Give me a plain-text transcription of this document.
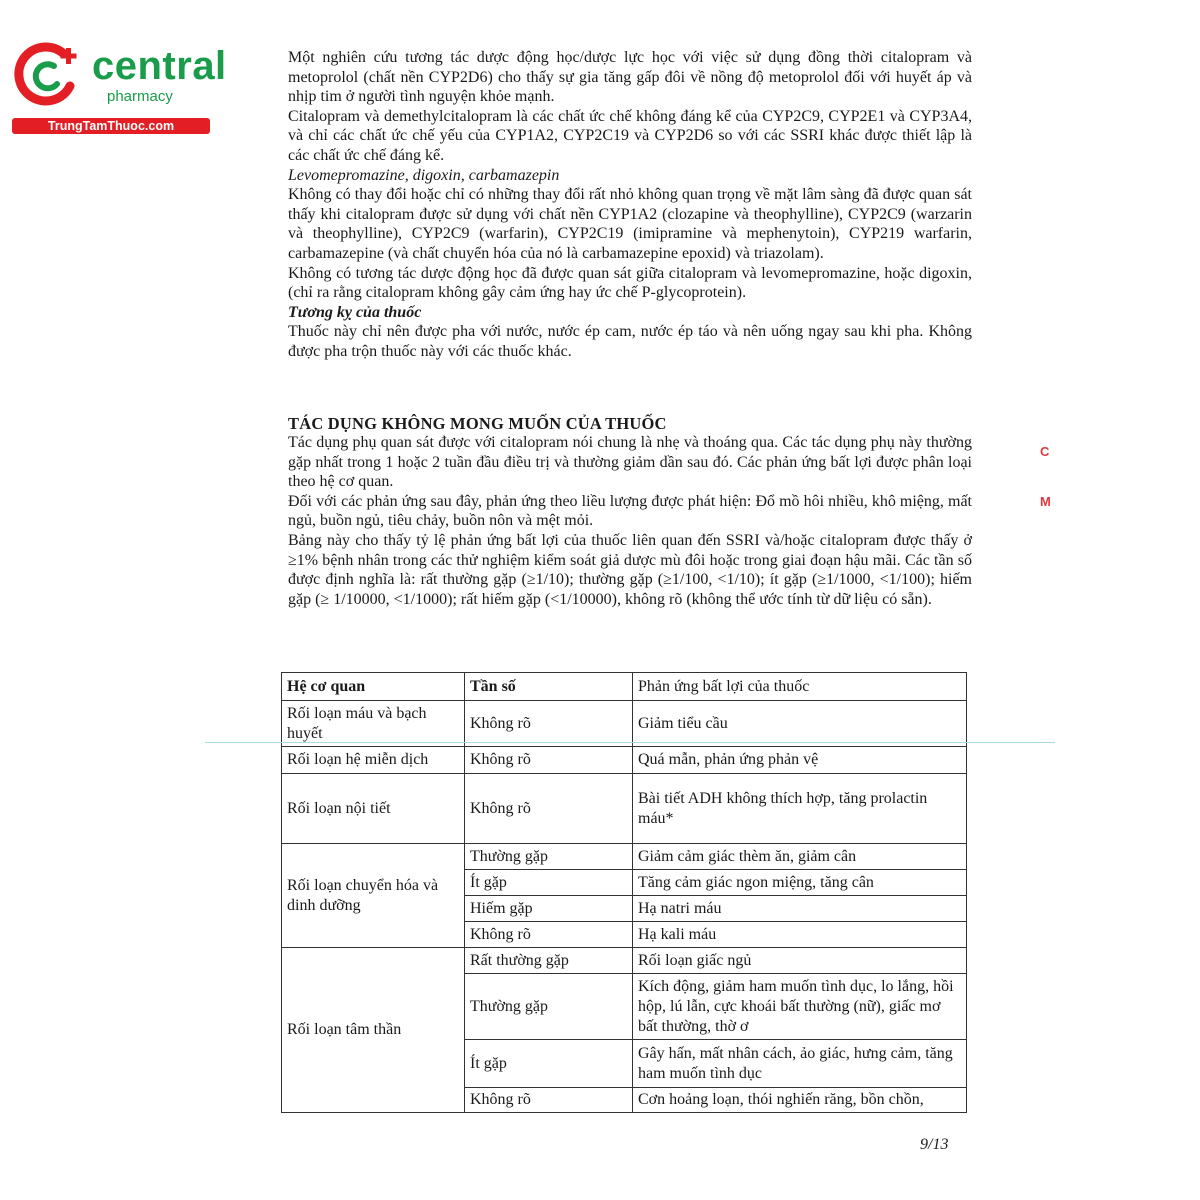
central
pharmacy
TrungTamThuoc.com

Một nghiên cứu tương tác dược động học/dược lực học với việc sử dụng đồng thời citalopram và metoprolol (chất nền CYP2D6) cho thấy sự gia tăng gấp đôi về nồng độ metoprolol đối với huyết áp và nhịp tim ở người tình nguyện khỏe mạnh.

Citalopram và demethylcitalopram là các chất ức chế không đáng kể của CYP2C9, CYP2E1 và CYP3A4, và chỉ các chất ức chế yếu của CYP1A2, CYP2C19 và CYP2D6 so với các SSRI khác được thiết lập là các chất ức chế đáng kể.

Levomepromazine, digoxin, carbamazepin

Không có thay đổi hoặc chỉ có những thay đổi rất nhỏ không quan trọng về mặt lâm sàng đã được quan sát thấy khi citalopram được sử dụng với chất nền CYP1A2 (clozapine và theophylline), CYP2C9 (warzarin và theophylline), CYP2C9 (warfarin), CYP2C19 (imipramine và mephenytoin), CYP219 warfarin, carbamazepine (và chất chuyển hóa của nó là carbamazepine epoxid) và triazolam).

Không có tương tác dược động học đã được quan sát giữa citalopram và levomepromazine, hoặc digoxin, (chỉ ra rằng citalopram không gây cảm ứng hay ức chế P-glycoprotein).

Tương kỵ của thuốc

Thuốc này chỉ nên được pha với nước, nước ép cam, nước ép táo và nên uống ngay sau khi pha. Không được pha trộn thuốc này với các thuốc khác.

TÁC DỤNG KHÔNG MONG MUỐN CỦA THUỐC

Tác dụng phụ quan sát được với citalopram nói chung là nhẹ và thoáng qua. Các tác dụng phụ này thường gặp nhất trong 1 hoặc 2 tuần đầu điều trị và thường giảm dần sau đó. Các phản ứng bất lợi được phân loại theo hệ cơ quan.

Đối với các phản ứng sau đây, phản ứng theo liều lượng được phát hiện: Đổ mồ hôi nhiều, khô miệng, mất ngủ, buồn ngủ, tiêu chảy, buồn nôn và mệt mỏi.

Bảng này cho thấy tỷ lệ phản ứng bất lợi của thuốc liên quan đến SSRI và/hoặc citalopram được thấy ở ≥1% bệnh nhân trong các thử nghiệm kiểm soát giả dược mù đôi hoặc trong giai đoạn hậu mãi. Các tần số được định nghĩa là: rất thường gặp (≥1/10); thường gặp (≥1/100, <1/10); ít gặp (≥1/1000, <1/100); hiếm gặp (≥ 1/10000, <1/1000); rất hiếm gặp (<1/10000), không rõ (không thể ước tính từ dữ liệu có sẵn).

Hệ cơ quan	Tần số	Phản ứng bất lợi của thuốc
Rối loạn máu và bạch huyết	Không rõ	Giảm tiểu cầu
Rối loạn hệ miễn dịch	Không rõ	Quá mẫn, phản ứng phản vệ
Rối loạn nội tiết	Không rõ	Bài tiết ADH không thích hợp, tăng prolactin máu*
Rối loạn chuyển hóa và dinh dưỡng	Thường gặp	Giảm cảm giác thèm ăn, giảm cân
	Ít gặp	Tăng cảm giác ngon miệng, tăng cân
	Hiếm gặp	Hạ natri máu
	Không rõ	Hạ kali máu
Rối loạn tâm thần	Rất thường gặp	Rối loạn giấc ngủ
	Thường gặp	Kích động, giảm ham muốn tình dục, lo lắng, hồi hộp, lú lẫn, cực khoái bất thường (nữ), giấc mơ bất thường, thờ ơ
	Ít gặp	Gây hấn, mất nhân cách, ảo giác, hưng cảm, tăng ham muốn tình dục
	Không rõ	Cơn hoảng loạn, thói nghiến răng, bồn chồn,
C
M
9/13
